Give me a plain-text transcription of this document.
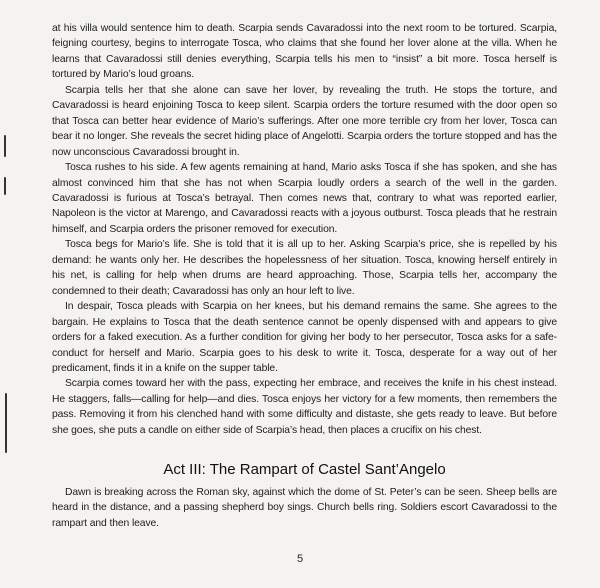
at his villa would sentence him to death. Scarpia sends Cavaradossi into the next room to be tortured. Scarpia, feigning courtesy, begins to interrogate Tosca, who claims that she found her lover alone at the villa. When he learns that Cavaradossi still denies everything, Scarpia tells his men to “insist” a bit more. Tosca herself is tortured by Mario’s loud groans.

Scarpia tells her that she alone can save her lover, by revealing the truth. He stops the torture, and Cavaradossi is heard enjoining Tosca to keep silent. Scarpia orders the torture resumed with the door open so that Tosca can better hear evidence of Mario’s sufferings. After one more terrible cry from her lover, Tosca can bear it no longer. She reveals the secret hiding place of Angelotti. Scarpia orders the torture stopped and has the now unconscious Cavaradossi brought in.

Tosca rushes to his side. A few agents remaining at hand, Mario asks Tosca if she has spoken, and she has almost convinced him that she has not when Scarpia loudly orders a search of the well in the garden. Cavaradossi is furious at Tosca’s betrayal. Then comes news that, contrary to what was reported earlier, Napoleon is the victor at Marengo, and Cavaradossi reacts with a joyous outburst. Tosca pleads that he restrain himself, and Scarpia orders the prisoner removed for execution.

Tosca begs for Mario’s life. She is told that it is all up to her. Asking Scarpia’s price, she is repelled by his demand: he wants only her. He describes the hopelessness of her situation. Tosca, knowing herself entirely in his net, is calling for help when drums are heard approaching. Those, Scarpia tells her, accompany the condemned to their death; Cavaradossi has only an hour left to live.

In despair, Tosca pleads with Scarpia on her knees, but his demand remains the same. She agrees to the bargain. He explains to Tosca that the death sentence cannot be openly dispensed with and appears to give orders for a faked execution. As a further condition for giving her body to her persecutor, Tosca asks for a safe-conduct for herself and Mario. Scarpia goes to his desk to write it. Tosca, desperate for a way out of her predicament, finds it in a knife on the supper table.

Scarpia comes toward her with the pass, expecting her embrace, and receives the knife in his chest instead. He staggers, falls—calling for help—and dies. Tosca enjoys her victory for a few moments, then remembers the pass. Removing it from his clenched hand with some difficulty and distaste, she gets ready to leave. But before she goes, she puts a candle on either side of Scarpia’s head, then places a crucifix on his chest.

Act III: The Rampart of Castel Sant’Angelo

Dawn is breaking across the Roman sky, against which the dome of St. Peter’s can be seen. Sheep bells are heard in the distance, and a passing shepherd boy sings. Church bells ring. Soldiers escort Cavaradossi to the rampart and then leave.

5
